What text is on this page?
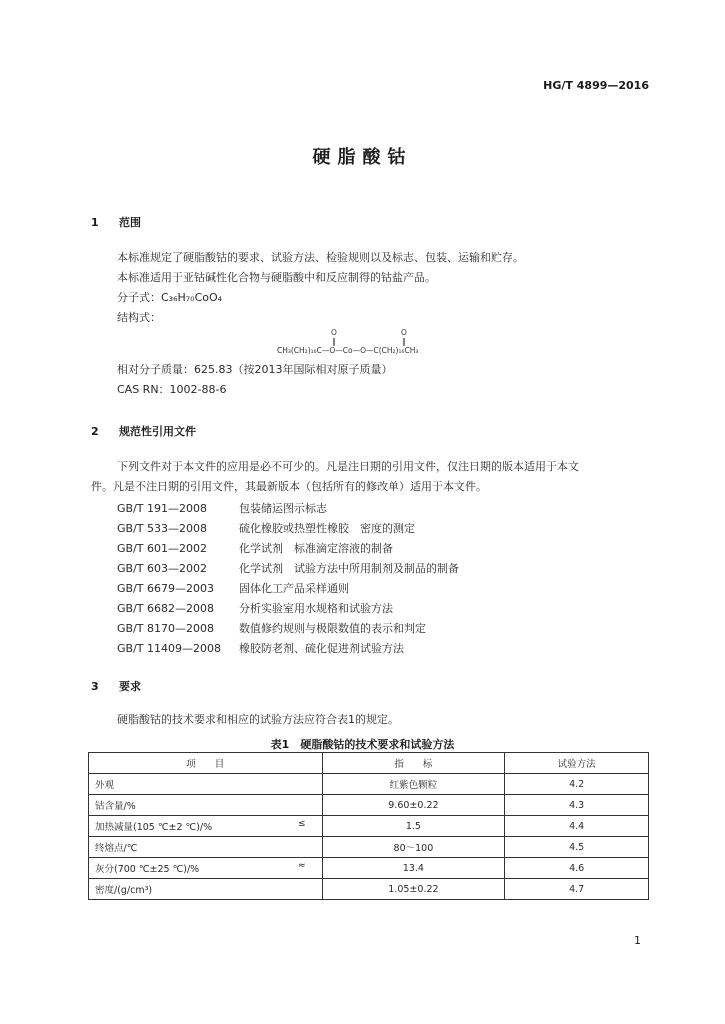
HG/T 4899—2016
硬脂酸钴
1 范围
本标准规定了硬脂酸钴的要求、试验方法、检验规则以及标志、包装、运输和贮存。
本标准适用于亚钴碱性化合物与硬脂酸中和反应制得的钴盐产品。
分子式：C₃₆H₇₀CoO₄
结构式：
O	O
‖	‖
CH₃(CH₂)₁₆C—O—Co—O—C(CH₂)₁₆CH₃
相对分子质量：625.83（按2013年国际相对原子质量）
CAS RN：1002-88-6
2 规范性引用文件
下列文件对于本文件的应用是必不可少的。凡是注日期的引用文件，仅注日期的版本适用于本文
件。凡是不注日期的引用文件，其最新版本（包括所有的修改单）适用于本文件。
GB/T 191—2008	包装储运图示标志
GB/T 533—2008	硫化橡胶或热塑性橡胶　密度的测定
GB/T 601—2002	化学试剂　标准滴定溶液的制备
GB/T 603—2002	化学试剂　试验方法中所用制剂及制品的制备
GB/T 6679—2003 固体化工产品采样通则
GB/T 6682—2008 分析实验室用水规格和试验方法
GB/T 8170—2008 数值修约规则与极限数值的表示和判定
GB/T 11409—2008 橡胶防老剂、硫化促进剂试验方法
3 要求
硬脂酸钴的技术要求和相应的试验方法应符合表1的规定。
表1　硬脂酸钴的技术要求和试验方法
项　　目	指　　标	试验方法
外观	红紫色颗粒	4.2
钴含量/%	9.60±0.22	4.3
加热减量(105 ℃±2 ℃)/% ≤	1.5	4.4
终熔点/℃	80～100	4.5
灰分(700 ℃±25 ℃)/% ≈	13.4	4.6
密度/(g/cm³)	1.05±0.22	4.7
1
